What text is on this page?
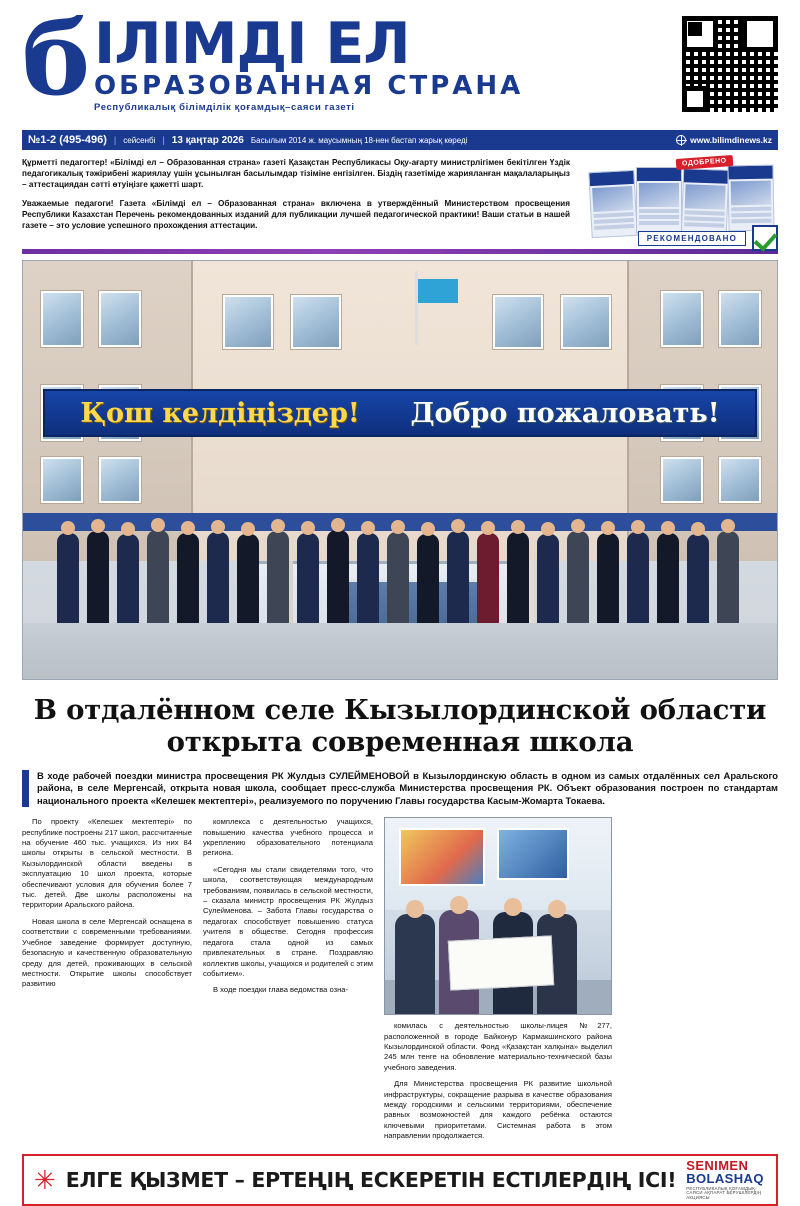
б ІЛІМДІ ЕЛ
ОБРАЗОВАННАЯ СТРАНА
Республикалық білімділік қоғамдық–саяси газеті
№1-2 (495-496) | сейсенбі | 13 қаңтар 2026 Басылым 2014 ж. маусымның 18-нен бастап жарық көреді	www.bilimdinews.kz

Құрметті педагогтер! «Білімді ел – Образованная страна» газеті Қазақстан Республикасы Оқу-ағарту министрлігімен бекітілген Үздік педагогикалық тәжірибені жариялау үшін ұсынылған басылымдар тізіміне енгізілген. Біздің газетіміде жарияланған мақалаларыңыз – аттестациядан сәтті өтуіңізге қажетті шарт.

Уважаемые педагоги! Газета «Білімді ел – Образованная страна» включена в утверждённый Министерством просвещения Республики Казахстан Перечень рекомендованных изданий для публикации лучшей педагогической практики! Ваши статьи в нашей газете – это условие успешного прохождения аттестации.

ОДОБРЕНО
РЕКОМЕНДОВАНО
Қош келдіңіздер! Добро пожаловать!
В отдалённом селе Кызылординской области открыта современная школа

В ходе рабочей поездки министра просвещения РК Жулдыз СУЛЕЙМЕНОВОЙ в Кызылординскую область в одном из самых отдалённых сел Аральского района, в селе Мергенсай, открыта новая школа, сообщает пресс-служба Министерства просвещения РК. Объект образования построен по стандартам национального проекта «Келешек мектептері», реализуемого по поручению Главы государства Касым-Жомарта Токаева.

По проекту «Келешек мектептері» по республике построены 217 школ, рассчитанные на обучение 460 тыс. учащихся. Из них 84 школы открыты в сельской местности. В Кызылординской области введены в эксплуатацию 10 школ проекта, которые обеспечивают условия для обучения более 7 тыс. детей. Две школы расположены на территории Аральского района.

Новая школа в селе Мергенсай оснащена в соответствии с современными требованиями. Учебное заведение формирует доступную, безопасную и качественную образовательную среду для детей, проживающих в сельской местности. Открытие школы способствует развитию

комплекса с деятельностью учащихся, повышению качества учебного процесса и укреплению образовательного потенциала региона.

«Сегодня мы стали свидетелями того, что школа, соответствующая международным требованиям, появилась в сельской местности, – сказала министр просвещения РК Жулдыз Сулейменова. – Забота Главы государства о педагогах способствует повышению статуса учителя в обществе. Сегодня профессия педагога стала одной из самых привлекательных в стране. Поздравляю коллектив школы, учащихся и родителей с этим событием».

В ходе поездки глава ведомства озна-

комилась с деятельностью школы-лицея №277, расположенной в городе Байконур Кармакшинского района Кызылординской области. Фонд «Қазақстан халқына» выделил 245 млн тенге на обновление материально-технической базы учебного заведения.

Для Министерства просвещения РК развитие школьной инфраструктуры, сокращение разрыва в качестве образования между городскими и сельскими территориями, обеспечение равных возможностей для каждого ребёнка остаются ключевыми приоритетами. Системная работа в этом направлении продолжается.

✳ ЕЛГЕ ҚЫЗМЕТ – ЕРТЕҢІҢ ЕСКЕРЕТІН ЕСТІЛЕРДІҢ ІСІ!
SENIMEN
BOLASHAQ
РЕСПУБЛИКАЛЫҚ ҚОҒАМДЫҚ-САЯСИ АҚПАРАТ БЕРУШІЛЕРДІҢ АКЦИЯСЫ
